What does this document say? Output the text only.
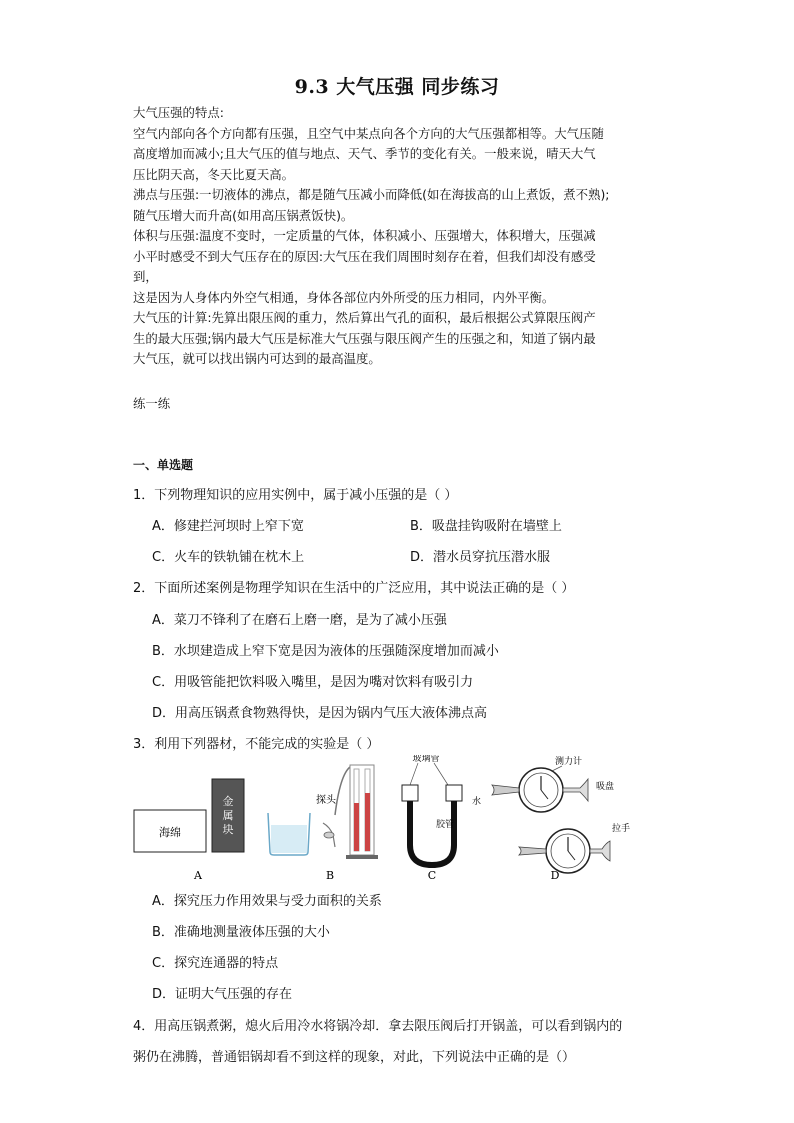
9.3 大气压强 同步练习
大气压强的特点:
空气内部向各个方向都有压强，且空气中某点向各个方向的大气压强都相等。大气压随
高度增加而减小;且大气压的值与地点、天气、季节的变化有关。一般来说，晴天大气
压比阴天高，冬天比夏天高。
沸点与压强:一切液体的沸点，都是随气压减小而降低(如在海拔高的山上煮饭，煮不熟);
随气压增大而升高(如用高压锅煮饭快)。
体积与压强:温度不变时，一定质量的气体，体积减小、压强增大，体积增大，压强减
小平时感受不到大气压存在的原因:大气压在我们周围时刻存在着，但我们却没有感受
到，
这是因为人身体内外空气相通，身体各部位内外所受的压力相同，内外平衡。
大气压的计算:先算出限压阀的重力，然后算出气孔的面积，最后根据公式算限压阀产
生的最大压强;锅内最大气压是标准大气压强与限压阀产生的压强之和，知道了锅内最
大气压，就可以找出锅内可达到的最高温度。
练一练
一、单选题
1．下列物理知识的应用实例中，属于减小压强的是（ ）
A．修建拦河坝时上窄下宽	B．吸盘挂钩吸附在墙壁上
C．火车的铁轨铺在枕木上	D．潜水员穿抗压潜水服
2．下面所述案例是物理学知识在生活中的广泛应用，其中说法正确的是（ ）
A．菜刀不锋利了在磨石上磨一磨，是为了减小压强
B．水坝建造成上窄下宽是因为液体的压强随深度增加而减小
C．用吸管能把饮料吸入嘴里，是因为嘴对饮料有吸引力
D．用高压锅煮食物熟得快，是因为锅内气压大液体沸点高
3．利用下列器材，不能完成的实验是（ ）
海绵
金
属
块
A
探头
B
玻璃管
水
胶管
C
测力计
吸盘
拉手
D
A．探究压力作用效果与受力面积的关系
B．准确地测量液体压强的大小
C．探究连通器的特点
D．证明大气压强的存在
4．用高压锅煮粥，熄火后用冷水将锅冷却．拿去限压阀后打开锅盖，可以看到锅内的
粥仍在沸腾，普通铝锅却看不到这样的现象，对此，下列说法中正确的是（）
